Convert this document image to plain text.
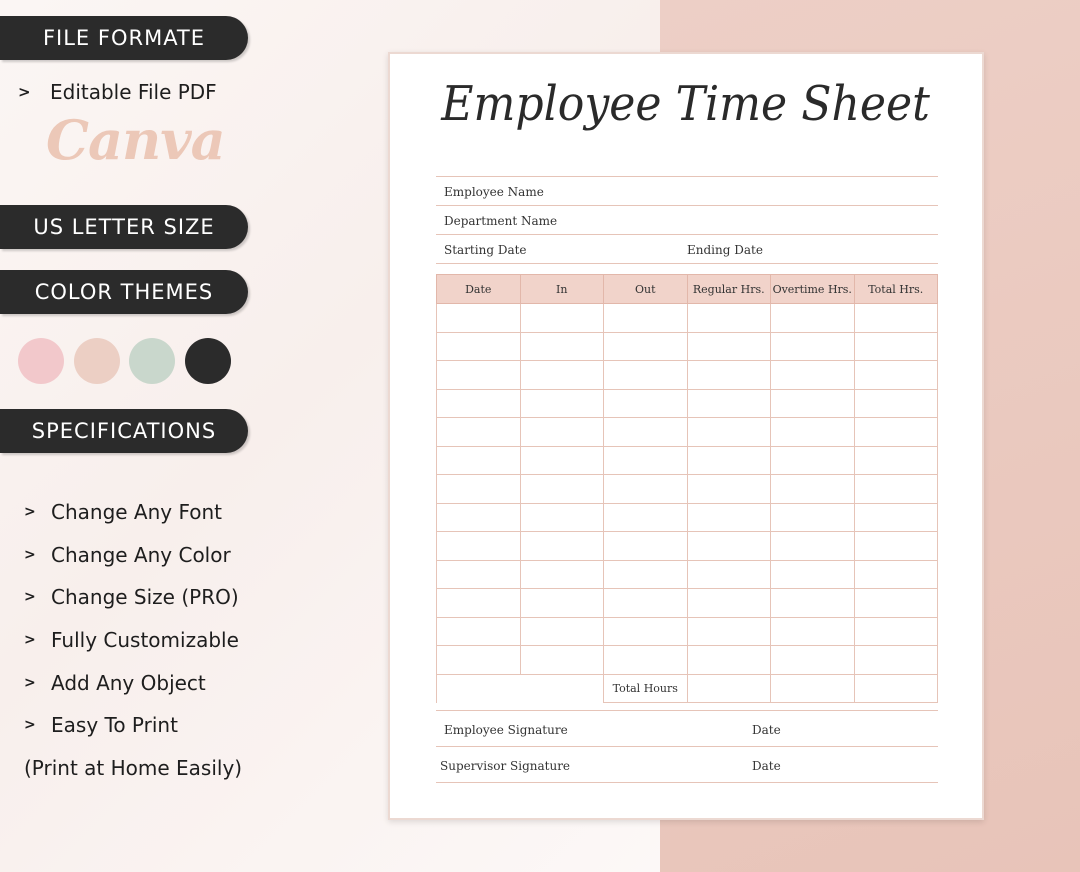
FILE FORMATE
> Editable File PDF
Canva
US LETTER SIZE
COLOR THEMES
SPECIFICATIONS
> Change Any Font
> Change Any Color
> Change Size (PRO)
> Fully Customizable
> Add Any Object
> Easy To Print
(Print at Home Easily)
Employee Time Sheet
Employee Name
Department Name
Starting Date	Ending Date
Date	In	Out	Regular Hrs.	Overtime Hrs.	Total Hrs.

		Total Hours			
Employee Signature	Date
Supervisor Signature	Date
